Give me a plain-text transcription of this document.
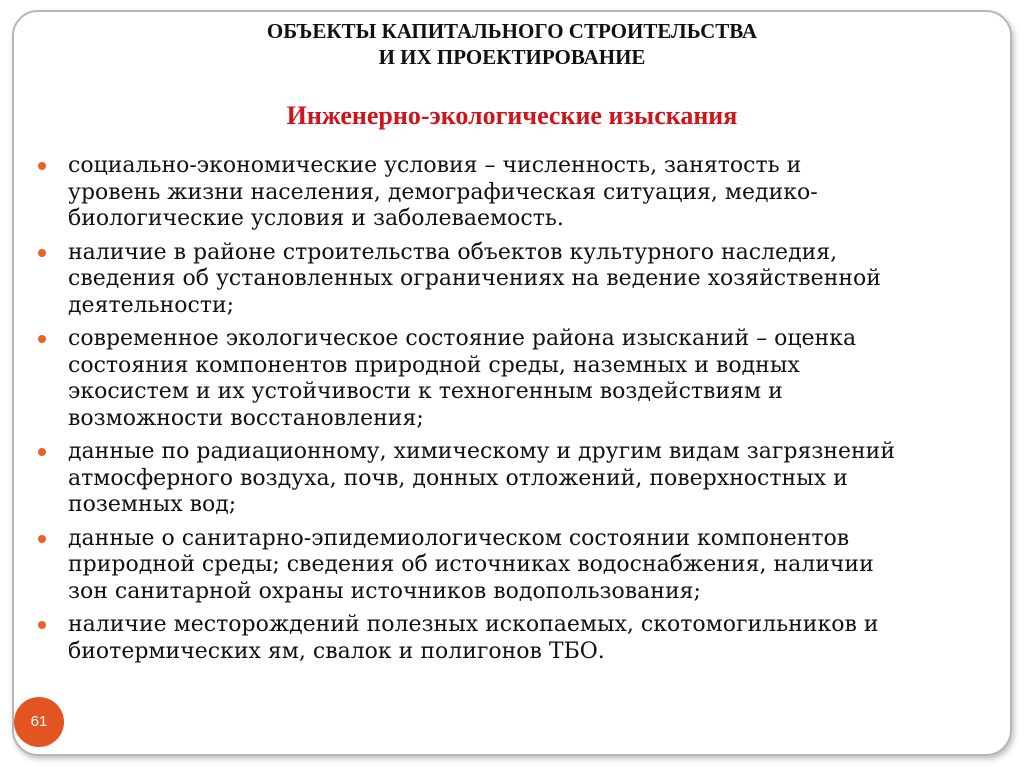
ОБЪЕКТЫ КАПИТАЛЬНОГО СТРОИТЕЛЬСТВА
И ИХ ПРОЕКТИРОВАНИЕ
Инженерно-экологические изыскания
социально-экономические условия – численность, занятость и
уровень жизни населения, демографическая ситуация, медико-
биологические условия и заболеваемость.
наличие в районе строительства объектов культурного наследия,
сведения об установленных ограничениях на ведение хозяйственной
деятельности;
современное экологическое состояние района изысканий – оценка
состояния компонентов природной среды, наземных и водных
экосистем и их устойчивости к техногенным воздействиям и
возможности восстановления;
данные по радиационному, химическому и другим видам загрязнений
атмосферного воздуха, почв, донных отложений, поверхностных и
поземных вод;
данные о санитарно-эпидемиологическом состоянии компонентов
природной среды; сведения об источниках водоснабжения, наличии
зон санитарной охраны источников водопользования;
наличие месторождений полезных ископаемых, скотомогильников и
биотермических ям, свалок и полигонов ТБО.
61
